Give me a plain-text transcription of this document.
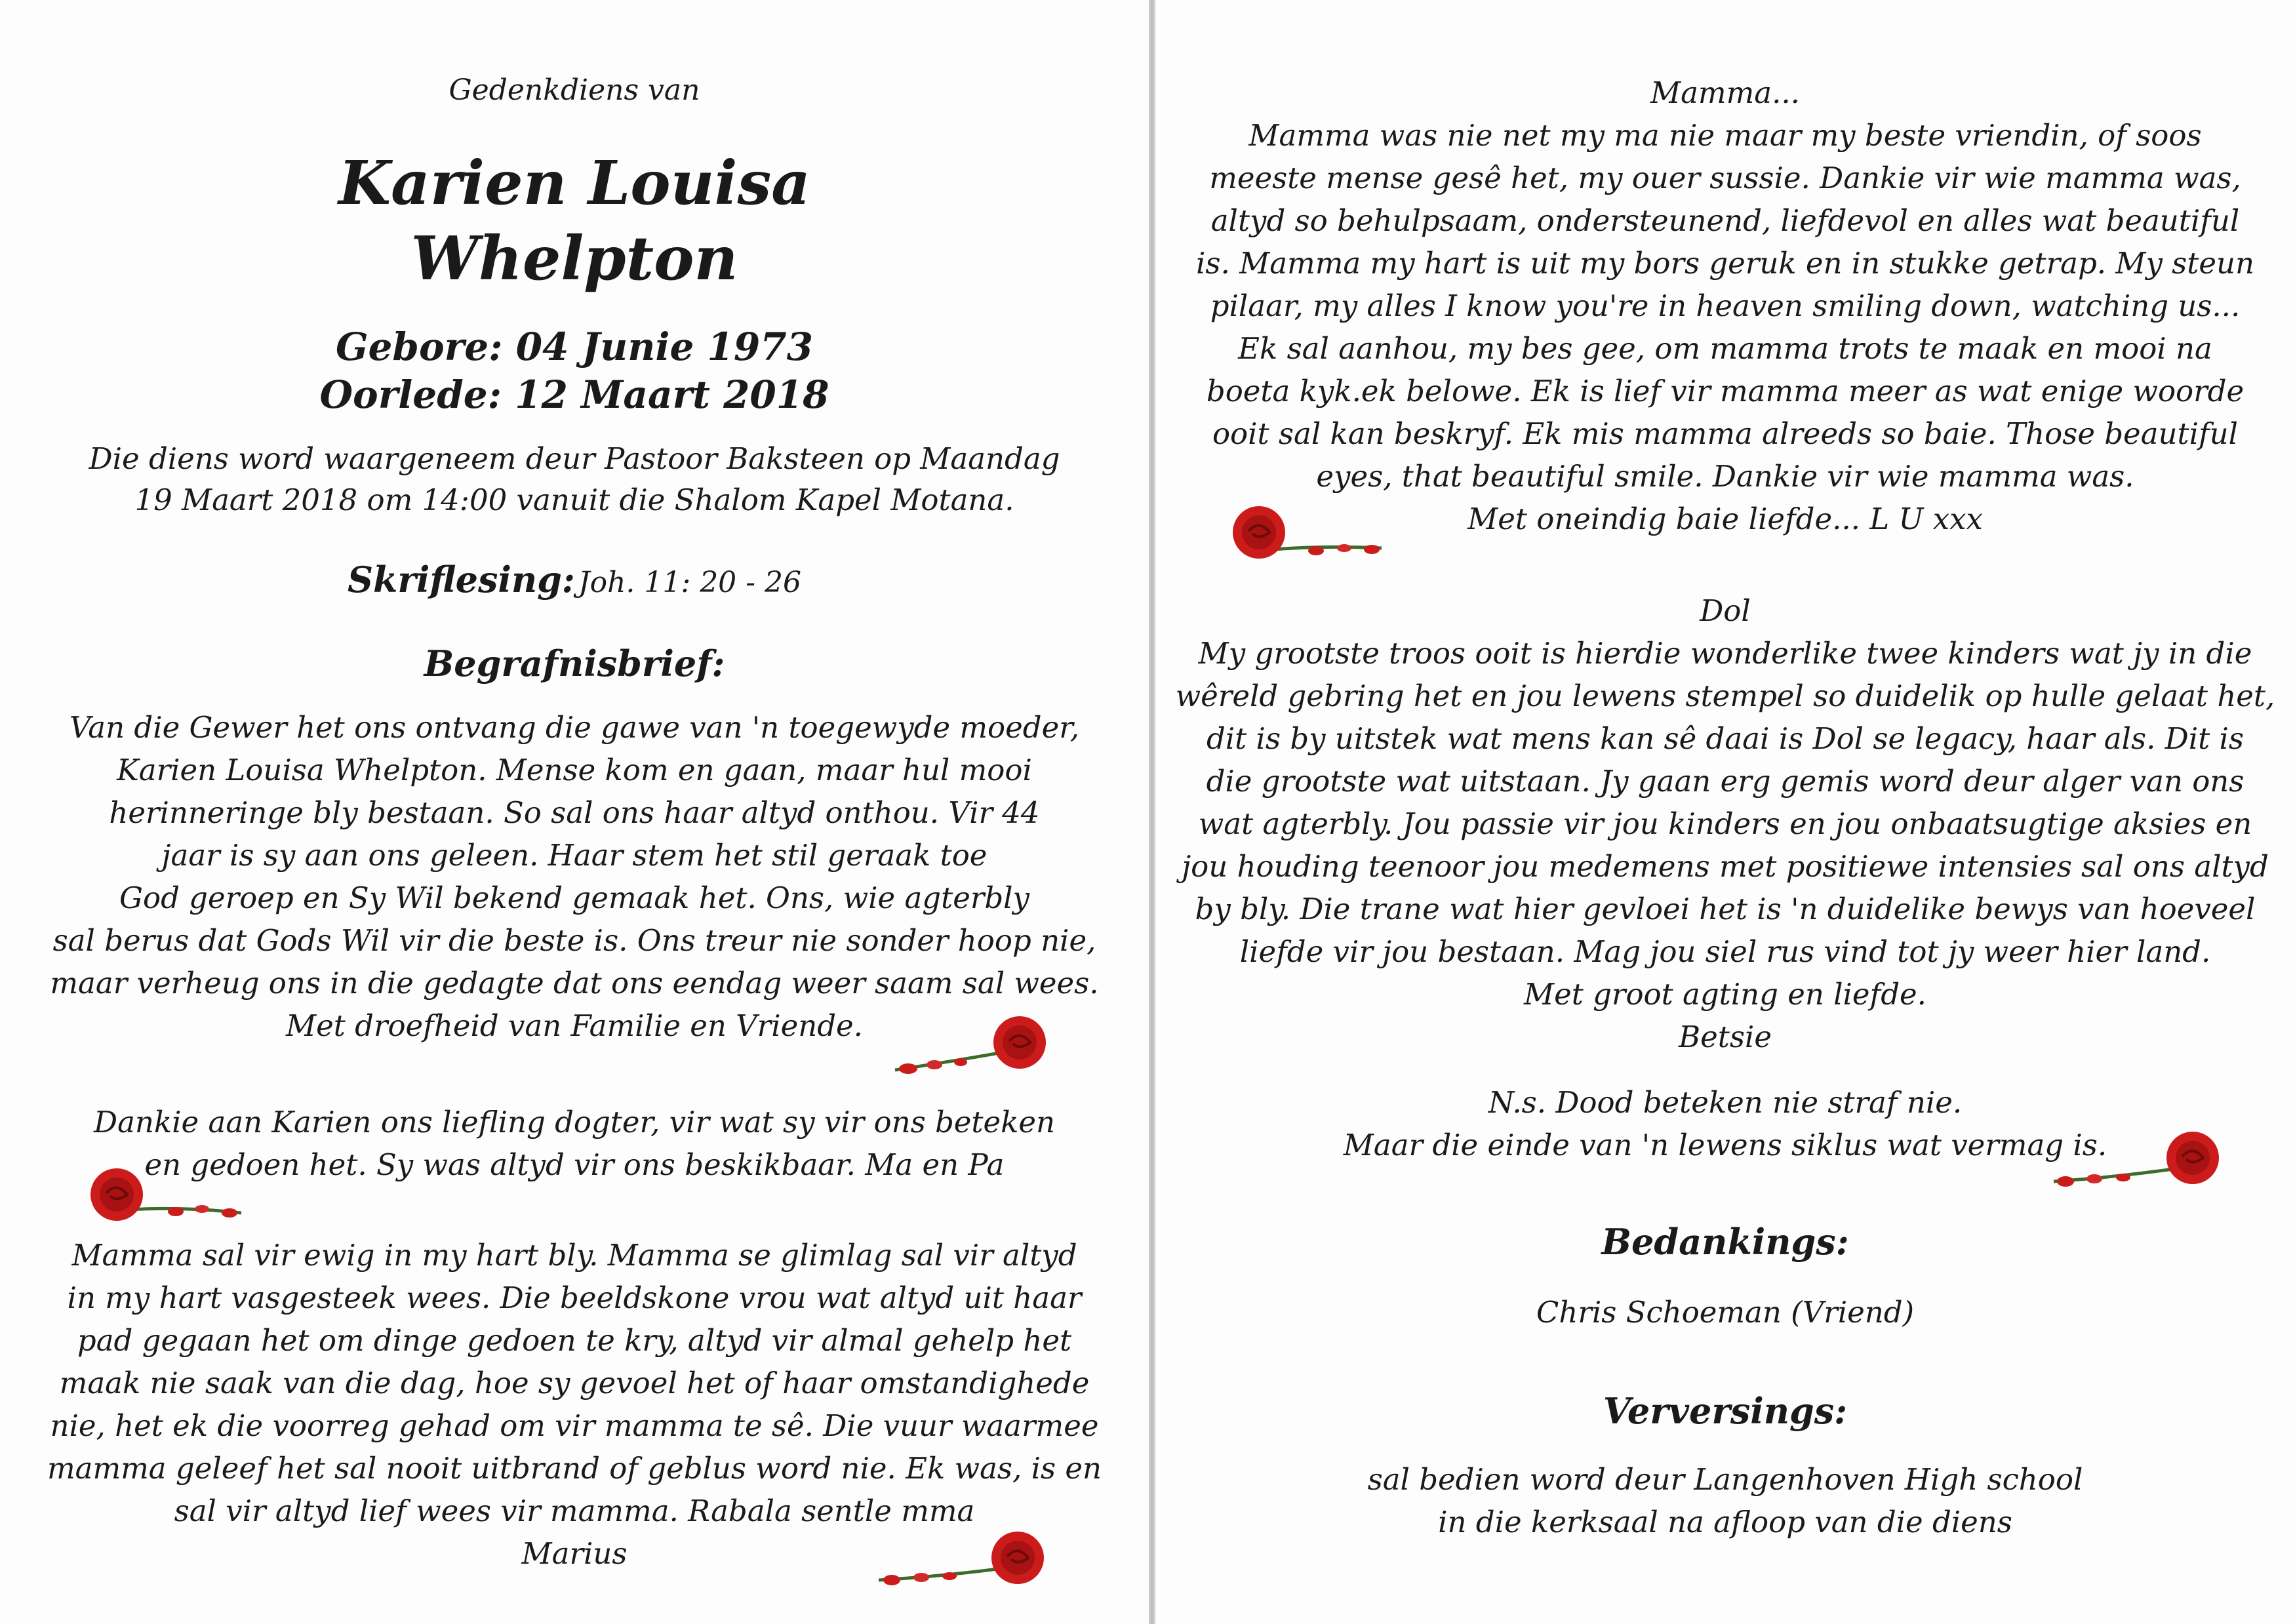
Gedenkdiens van
Karien Louisa
Whelpton
Gebore: 04 Junie 1973
Oorlede: 12 Maart 2018
Die diens word waargeneem deur Pastoor Baksteen op Maandag
19 Maart 2018 om 14:00 vanuit die Shalom Kapel Motana.
Skriflesing: Joh. 11: 20 - 26
Begrafnisbrief:
Van die Gewer het ons ontvang die gawe van 'n toegewyde moeder,
Karien Louisa Whelpton. Mense kom en gaan, maar hul mooi
herinneringe bly bestaan. So sal ons haar altyd onthou. Vir 44
jaar is sy aan ons geleen. Haar stem het stil geraak toe
God geroep en Sy Wil bekend gemaak het. Ons, wie agterbly
sal berus dat Gods Wil vir die beste is. Ons treur nie sonder hoop nie,
maar verheug ons in die gedagte dat ons eendag weer saam sal wees.
Met droefheid van Familie en Vriende.
Dankie aan Karien ons liefling dogter, vir wat sy vir ons beteken
en gedoen het. Sy was altyd vir ons beskikbaar. Ma en Pa
Mamma sal vir ewig in my hart bly. Mamma se glimlag sal vir altyd
in my hart vasgesteek wees. Die beeldskone vrou wat altyd uit haar
pad gegaan het om dinge gedoen te kry, altyd vir almal gehelp het
maak nie saak van die dag, hoe sy gevoel het of haar omstandighede
nie, het ek die voorreg gehad om vir mamma te sê. Die vuur waarmee
mamma geleef het sal nooit uitbrand of geblus word nie. Ek was, is en
sal vir altyd lief wees vir mamma. Rabala sentle mma
Marius
Mamma...
Mamma was nie net my ma nie maar my beste vriendin, of soos
meeste mense gesê het, my ouer sussie. Dankie vir wie mamma was,
altyd so behulpsaam, ondersteunend, liefdevol en alles wat beautiful
is. Mamma my hart is uit my bors geruk en in stukke getrap. My steun
pilaar, my alles I know you're in heaven smiling down, watching us...
Ek sal aanhou, my bes gee, om mamma trots te maak en mooi na
boeta kyk.ek belowe. Ek is lief vir mamma meer as wat enige woorde
ooit sal kan beskryf. Ek mis mamma alreeds so baie. Those beautiful
eyes, that beautiful smile. Dankie vir wie mamma was.
Met oneindig baie liefde... L U xxx
Dol
My grootste troos ooit is hierdie wonderlike twee kinders wat jy in die
wêreld gebring het en jou lewens stempel so duidelik op hulle gelaat het,
dit is by uitstek wat mens kan sê daai is Dol se legacy, haar als. Dit is
die grootste wat uitstaan. Jy gaan erg gemis word deur alger van ons
wat agterbly. Jou passie vir jou kinders en jou onbaatsugtige aksies en
jou houding teenoor jou medemens met positiewe intensies sal ons altyd
by bly. Die trane wat hier gevloei het is 'n duidelike bewys van hoeveel
liefde vir jou bestaan. Mag jou siel rus vind tot jy weer hier land.
Met groot agting en liefde.
Betsie
N.s. Dood beteken nie straf nie.
Maar die einde van 'n lewens siklus wat vermag is.
Bedankings:
Chris Schoeman (Vriend)
Verversings:
sal bedien word deur Langenhoven High school
in die kerksaal na afloop van die diens
